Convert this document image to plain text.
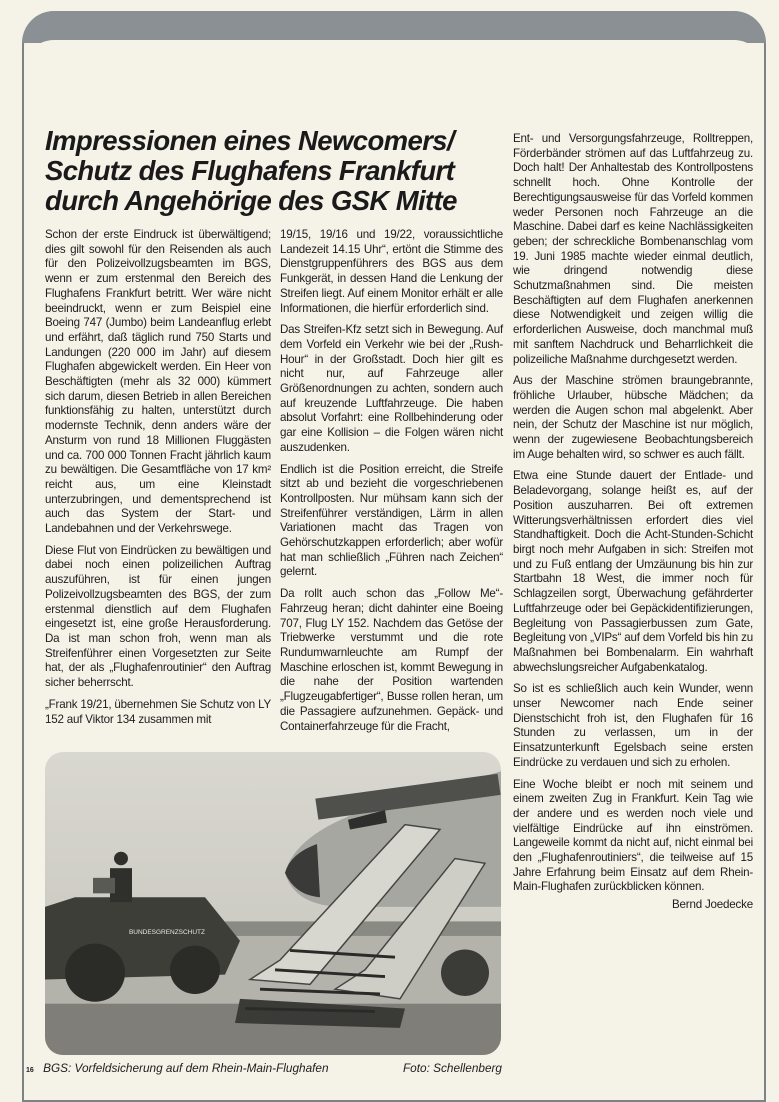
Impressionen eines Newcomers/
Schutz des Flughafens Frankfurt
durch Angehörige des GSK Mitte

Schon der erste Eindruck ist überwältigend; dies gilt sowohl für den Reisenden als auch für den Polizeivollzugsbeamten im BGS, wenn er zum erstenmal den Bereich des Flughafens Frankfurt betritt. Wer wäre nicht beeindruckt, wenn er zum Beispiel eine Boeing 747 (Jumbo) beim Landeanflug erlebt und erfährt, daß täglich rund 750 Starts und Landungen (220 000 im Jahr) auf diesem Flughafen abgewickelt werden. Ein Heer von Beschäftigten (mehr als 32 000) kümmert sich darum, diesen Betrieb in allen Bereichen funktionsfähig zu halten, unterstützt durch modernste Technik, denn anders wäre der Ansturm von rund 18 Millionen Fluggästen und ca. 700 000 Tonnen Fracht jährlich kaum zu bewältigen. Die Gesamtfläche von 17 km² reicht aus, um eine Kleinstadt unterzubringen, und dementsprechend ist auch das System der Start- und Landebahnen und der Verkehrswege.

Diese Flut von Eindrücken zu bewältigen und dabei noch einen polizeilichen Auftrag auszuführen, ist für einen jungen Polizeivollzugsbeamten des BGS, der zum erstenmal dienstlich auf dem Flughafen eingesetzt ist, eine große Herausforderung. Da ist man schon froh, wenn man als Streifenführer einen Vorgesetzten zur Seite hat, der als „Flughafenroutinier“ den Auftrag sicher beherrscht.

„Frank 19/21, übernehmen Sie Schutz von LY 152 auf Viktor 134 zusammen mit

19/15, 19/16 und 19/22, voraussichtliche Landezeit 14.15 Uhr“, ertönt die Stimme des Dienstgruppenführers des BGS aus dem Funkgerät, in dessen Hand die Lenkung der Streifen liegt. Auf einem Monitor erhält er alle Informationen, die hierfür erforderlich sind.

Das Streifen-Kfz setzt sich in Bewegung. Auf dem Vorfeld ein Verkehr wie bei der „Rush-Hour“ in der Großstadt. Doch hier gilt es nicht nur, auf Fahrzeuge aller Größenordnungen zu achten, sondern auch auf kreuzende Luftfahrzeuge. Die haben absolut Vorfahrt: eine Rollbehinderung oder gar eine Kollision – die Folgen wären nicht auszudenken.

Endlich ist die Position erreicht, die Streife sitzt ab und bezieht die vorgeschriebenen Kontrollposten. Nur mühsam kann sich der Streifenführer verständigen, Lärm in allen Variationen macht das Tragen von Gehörschutzkappen erforderlich; aber wofür hat man schließlich „Führen nach Zeichen“ gelernt.

Da rollt auch schon das „Follow Me“-Fahrzeug heran; dicht dahinter eine Boeing 707, Flug LY 152. Nachdem das Getöse der Triebwerke verstummt und die rote Rundumwarnleuchte am Rumpf der Maschine erloschen ist, kommt Bewegung in die nahe der Position wartenden „Flugzeugabfertiger“, Busse rollen heran, um die Passagiere aufzunehmen. Gepäck- und Containerfahrzeuge für die Fracht,

Ent- und Versorgungsfahrzeuge, Rolltreppen, Förderbänder strömen auf das Luftfahrzeug zu. Doch halt! Der Anhaltestab des Kontrollpostens schnellt hoch. Ohne Kontrolle der Berechtigungsausweise für das Vorfeld kommen weder Personen noch Fahrzeuge an die Maschine. Dabei darf es keine Nachlässigkeiten geben; der schreckliche Bombenanschlag vom 19. Juni 1985 machte wieder einmal deutlich, wie dringend notwendig diese Schutzmaßnahmen sind. Die meisten Beschäftigten auf dem Flughafen anerkennen diese Notwendigkeit und zeigen willig die erforderlichen Ausweise, doch manchmal muß mit sanftem Nachdruck und Beharrlichkeit die polizeiliche Maßnahme durchgesetzt werden.

Aus der Maschine strömen braungebrannte, fröhliche Urlauber, hübsche Mädchen; da werden die Augen schon mal abgelenkt. Aber nein, der Schutz der Maschine ist nur möglich, wenn der zugewiesene Beobachtungsbereich im Auge behalten wird, so schwer es auch fällt.

Etwa eine Stunde dauert der Entlade- und Beladevorgang, solange heißt es, auf der Position auszuharren. Bei oft extremen Witterungsverhältnissen erfordert dies viel Standhaftigkeit. Doch die Acht-Stunden-Schicht birgt noch mehr Aufgaben in sich: Streifen mot und zu Fuß entlang der Umzäunung bis hin zur Startbahn 18 West, die immer noch für Schlagzeilen sorgt, Überwachung gefährderter Luftfahrzeuge oder bei Gepäckidentifizierungen, Begleitung von Passagierbussen zum Gate, Begleitung von „VIPs“ auf dem Vorfeld bis hin zu Maßnahmen bei Bombenalarm. Ein wahrhaft abwechslungsreicher Aufgabenkatalog.

So ist es schließlich auch kein Wunder, wenn unser Newcomer nach Ende seiner Dienstschicht froh ist, den Flughafen für 16 Stunden zu verlassen, um in der Einsatzunterkunft Egelsbach seine ersten Eindrücke zu verdauen und sich zu erholen.

Eine Woche bleibt er noch mit seinem und einem zweiten Zug in Frankfurt. Kein Tag wie der andere und es werden noch viele und vielfältige Eindrücke auf ihn einströmen. Langeweile kommt da nicht auf, nicht einmal bei den „Flughafenroutiniers“, die teilweise auf 15 Jahre Erfahrung beim Einsatz auf dem Rhein-Main-Flughafen zurückblicken können.

Bernd Joedecke

BUNDESGRENZSCHUTZ
16 BGS: Vorfeldsicherung auf dem Rhein-Main-Flughafen	Foto: Schellenberg
